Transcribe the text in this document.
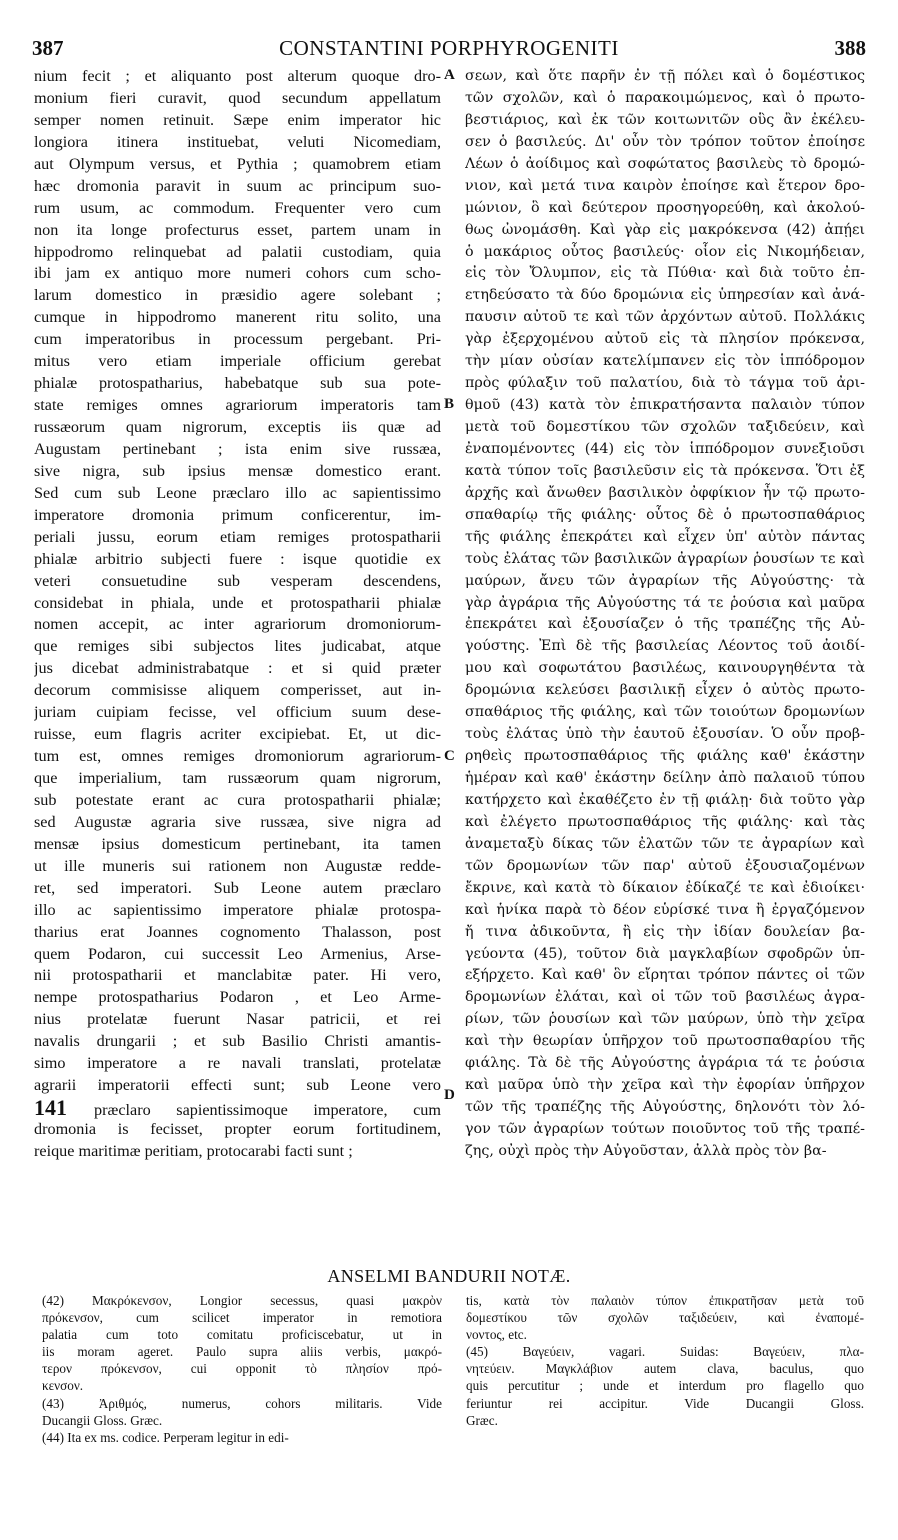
387	CONSTANTINI PORPHYROGENITI	388
nium fecit ; et aliquanto post alterum quoque dro-
monium fieri curavit, quod secundum appellatum
semper nomen retinuit. Sæpe enim imperator hic
longiora itinera instituebat, veluti Nicomediam,
aut Olympum versus, et Pythia ; quamobrem etiam
hæc dromonia paravit in suum ac principum suo-
rum usum, ac commodum. Frequenter vero cum
non ita longe profecturus esset, partem unam in
hippodromo relinquebat ad palatii custodiam, quia
ibi jam ex antiquo more numeri cohors cum scho-
larum domestico in præsidio agere solebant ;
cumque in hippodromo manerent ritu solito, una
cum imperatoribus in processum pergebant. Pri-
mitus vero etiam imperiale officium gerebat
phialæ protospatharius, habebatque sub sua pote-
state remiges omnes agrariorum imperatoris tam
russæorum quam nigrorum, exceptis iis quæ ad
Augustam pertinebant ; ista enim sive russæa,
sive nigra, sub ipsius mensæ domestico erant.
Sed cum sub Leone præclaro illo ac sapientissimo
imperatore dromonia primum conficerentur, im-
periali jussu, eorum etiam remiges protospatharii
phialæ arbitrio subjecti fuere : isque quotidie ex
veteri consuetudine sub vesperam descendens,
considebat in phiala, unde et protospatharii phialæ
nomen accepit, ac inter agrariorum dromoniorum-
que remiges sibi subjectos lites judicabat, atque
jus dicebat administrabatque : et si quid præter
decorum commisisse aliquem comperisset, aut in-
juriam cuipiam fecisse, vel officium suum dese-
ruisse, eum flagris acriter excipiebat. Et, ut dic-
tum est, omnes remiges dromoniorum agrariorum-
que imperialium, tam russæorum quam nigrorum,
sub potestate erant ac cura protospatharii phialæ;
sed Augustæ agraria sive russæa, sive nigra ad
mensæ ipsius domesticum pertinebant, ita tamen
ut ille muneris sui rationem non Augustæ redde-
ret, sed imperatori. Sub Leone autem præclaro
illo ac sapientissimo imperatore phialæ protospa-
tharius erat Joannes cognomento Thalasson, post
quem Podaron, cui successit Leo Armenius, Arse-
nii protospatharii et manclabitæ pater. Hi vero,
nempe protospatharius Podaron , et Leo Arme-
nius protelatæ fuerunt Nasar patricii, et rei
navalis drungarii ; et sub Basilio Christi amantis-
simo imperatore a re navali translati, protelatæ
agrarii imperatorii effecti sunt; sub Leone vero
141 præclaro sapientissimoque imperatore, cum
dromonia is fecisset, propter eorum fortitudinem,
reique maritimæ peritiam, protocarabi facti sunt ;
σεων, καὶ ὅτε παρῆν ἐν τῇ πόλει καὶ ὁ δομέστικος
τῶν σχολῶν, καὶ ὁ παρακοιμώμενος, καὶ ὁ πρωτο-
βεστιάριος, καὶ ἐκ τῶν κοιτωνιτῶν οὓς ἂν ἐκέλευ-
σεν ὁ βασιλεύς. Δι' οὖν τὸν τρόπον τοῦτον ἐποίησε
Λέων ὁ ἀοίδιμος καὶ σοφώτατος βασιλεὺς τὸ δρομώ-
νιον, καὶ μετά τινα καιρὸν ἐποίησε καὶ ἕτερον δρο-
μώνιον, ὃ καὶ δεύτερον προσηγορεύθη, καὶ ἀκολού-
θως ὠνομάσθη. Καὶ γὰρ εἰς μακρόκενσα (42) ἀπῄει
ὁ μακάριος οὗτος βασιλεύς· οἷον εἰς Νικομήδειαν,
εἰς τὸν Ὄλυμπον, εἰς τὰ Πύθια· καὶ διὰ τοῦτο ἐπ-
ετηδεύσατο τὰ δύο δρομώνια εἰς ὑπηρεσίαν καὶ ἀνά-
παυσιν αὐτοῦ τε καὶ τῶν ἀρχόντων αὐτοῦ. Πολλάκις
γὰρ ἐξερχομένου αὐτοῦ εἰς τὰ πλησίον πρόκενσα,
τὴν μίαν οὐσίαν κατελίμπανεν εἰς τὸν ἱππόδρομον
πρὸς φύλαξιν τοῦ παλατίου, διὰ τὸ τάγμα τοῦ ἀρι-
θμοῦ (43) κατὰ τὸν ἐπικρατήσαντα παλαιὸν τύπον
μετὰ τοῦ δομεστίκου τῶν σχολῶν ταξιδεύειν, καὶ
ἐναπομένοντες (44) εἰς τὸν ἱππόδρομον συνεξιοῦσι
κατὰ τύπον τοῖς βασιλεῦσιν εἰς τὰ πρόκενσα. Ὅτι ἐξ
ἀρχῆς καὶ ἄνωθεν βασιλικὸν ὀφφίκιον ἦν τῷ πρωτο-
σπαθαρίῳ τῆς φιάλης· οὗτος δὲ ὁ πρωτοσπαθάριος
τῆς φιάλης ἐπεκράτει καὶ εἶχεν ὑπ' αὐτὸν πάντας
τοὺς ἐλάτας τῶν βασιλικῶν ἀγραρίων ῥουσίων τε καὶ
μαύρων, ἄνευ τῶν ἀγραρίων τῆς Αὐγούστης· τὰ
γὰρ ἀγράρια τῆς Αὐγούστης τά τε ῥούσια καὶ μαῦρα
ἐπεκράτει καὶ ἐξουσίαζεν ὁ τῆς τραπέζης τῆς Αὐ-
γούστης. Ἐπὶ δὲ τῆς βασιλείας Λέοντος τοῦ ἀοιδί-
μου καὶ σοφωτάτου βασιλέως, καινουργηθέντα τὰ
δρομώνια κελεύσει βασιλικῇ εἶχεν ὁ αὐτὸς πρωτο-
σπαθάριος τῆς φιάλης, καὶ τῶν τοιούτων δρομωνίων
τοὺς ἐλάτας ὑπὸ τὴν ἑαυτοῦ ἐξουσίαν. Ὁ οὖν προβ-
ρηθεὶς πρωτοσπαθάριος τῆς φιάλης καθ' ἑκάστην
ἡμέραν καὶ καθ' ἑκάστην δείλην ἀπὸ παλαιοῦ τύπου
κατήρχετο καὶ ἐκαθέζετο ἐν τῇ φιάλῃ· διὰ τοῦτο γὰρ
καὶ ἐλέγετο πρωτοσπαθάριος τῆς φιάλης· καὶ τὰς
ἀναμεταξὺ δίκας τῶν ἐλατῶν τῶν τε ἀγραρίων καὶ
τῶν δρομωνίων τῶν παρ' αὐτοῦ ἐξουσιαζομένων
ἔκρινε, καὶ κατὰ τὸ δίκαιον ἐδίκαζέ τε καὶ ἐδιοίκει·
καὶ ἡνίκα παρὰ τὸ δέον εὑρίσκέ τινα ἢ ἐργαζόμενον
ἤ τινα ἀδικοῦντα, ἢ εἰς τὴν ἰδίαν δουλείαν βα-
γεύοντα (45), τοῦτον διὰ μαγκλαβίων σφοδρῶν ὑπ-
εξήρχετο. Καὶ καθ' ὃν εἴρηται τρόπον πάντες οἱ τῶν
δρομωνίων ἐλάται, καὶ οἱ τῶν τοῦ βασιλέως ἀγρα-
ρίων, τῶν ῥουσίων καὶ τῶν μαύρων, ὑπὸ τὴν χεῖρα
καὶ τὴν θεωρίαν ὑπῆρχον τοῦ πρωτοσπαθαρίου τῆς
φιάλης. Τὰ δὲ τῆς Αὐγούστης ἀγράρια τά τε ῥούσια
καὶ μαῦρα ὑπὸ τὴν χεῖρα καὶ τὴν ἐφορίαν ὑπῆρχον
τῶν τῆς τραπέζης τῆς Αὐγούστης, δηλονότι τὸν λό-
γον τῶν ἀγραρίων τούτων ποιοῦντος τοῦ τῆς τραπέ-
ζης, οὐχὶ πρὸς τὴν Αὐγοῦσταν, ἀλλὰ πρὸς τὸν βα-
A
B
C
D
ANSELMI BANDURII NOTÆ.
(42) Μακρόκενσον, Longior secessus, quasi μακρὸν
πρόκενσον, cum scilicet imperator in remotiora
palatia cum toto comitatu proficiscebatur, ut in
iis moram ageret. Paulo supra aliis verbis, μακρό-
τερον πρόκενσον, cui opponit τὸ πλησίον πρό-
κενσον.
(43) Ἀριθμός, numerus, cohors militaris. Vide
Ducangii Gloss. Græc.
(44) Ita ex ms. codice. Perperam legitur in edi-
tis, κατὰ τὸν παλαιὸν τύπον ἐπικρατῆσαν μετὰ τοῦ
δομεστίκου τῶν σχολῶν ταξιδεύειν, καὶ ἐναπομέ-
νοντος, etc.
(45) Βαγεύειν, vagari. Suidas: Βαγεύειν, πλα-
νητεύειν. Μαγκλάβιον autem clava, baculus, quo
quis percutitur ; unde et interdum pro flagello quo
feriuntur rei accipitur. Vide Ducangii Gloss.
Græc.
